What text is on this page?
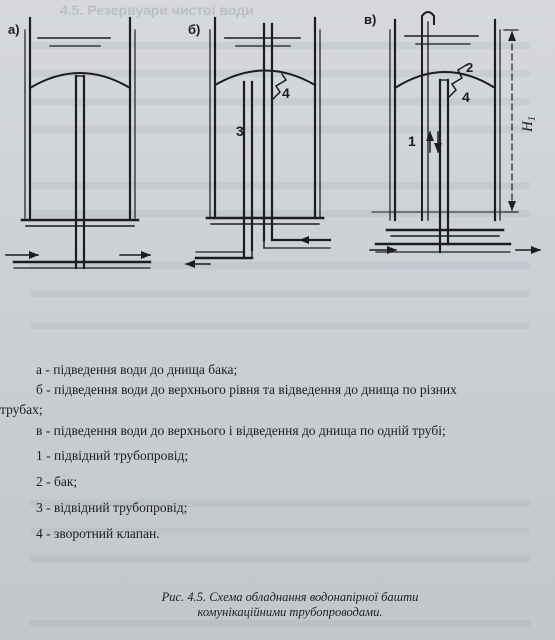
4.5. Резервуари чистої води
а)	б)
в)
4
3
2
4
1
$H_1$
а - підведення води до днища бака;
б - підведення води до верхнього рівня та відведення до днища по різних
трубах;
в - підведення води до верхнього і відведення до днища по одній трубі;
1 - підвідний трубопровід;
2 - бак;
3 - відвідний трубопровід;
4 - зворотний клапан.
Рис. 4.5. Схема обладнання водонапірної башти
комунікаційними трубопроводами.
